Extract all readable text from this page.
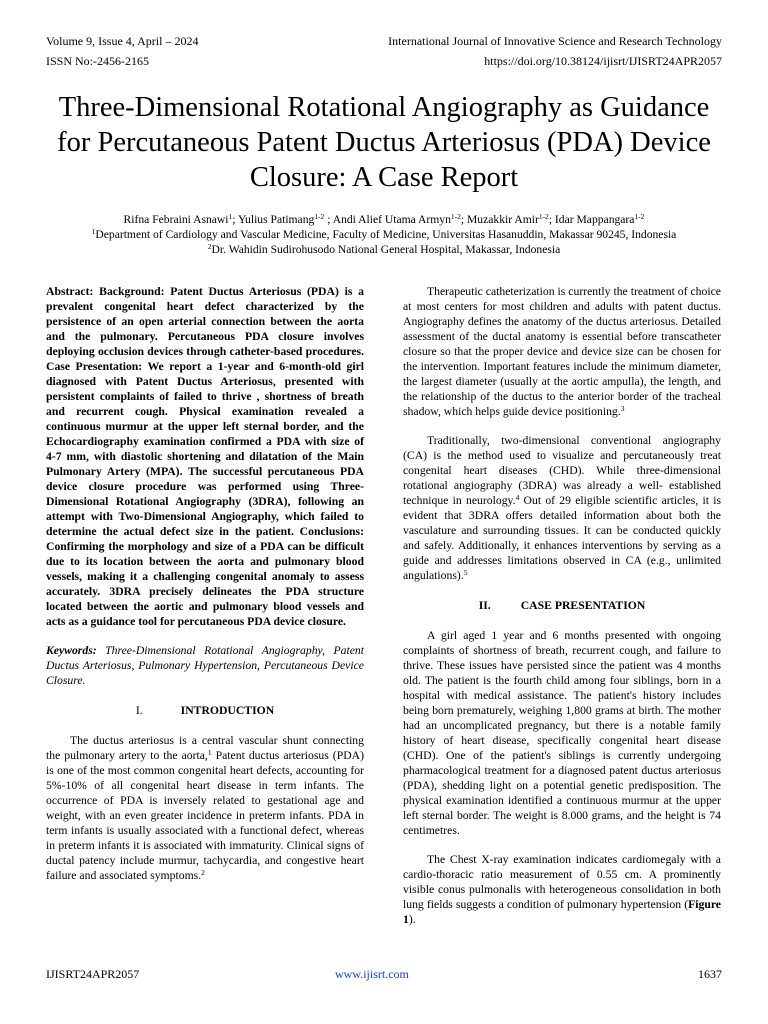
Volume 9, Issue 4, April – 2024	International Journal of Innovative Science and Research Technology
ISSN No:-2456-2165	https://doi.org/10.38124/ijisrt/IJISRT24APR2057
Three-Dimensional Rotational Angiography as Guidance for Percutaneous Patent Ductus Arteriosus (PDA) Device Closure: A Case Report

Rifna Febraini Asnawi$^1$; Yulius Patimang$^{1-2}$ ; Andi Alief Utama Armyn$^{1-2}$; Muzakkir Amir$^{1-2}$; Idar Mappangara$^{1-2}$

$^1$Department of Cardiology and Vascular Medicine, Faculty of Medicine, Universitas Hasanuddin, Makassar 90245, Indonesia

$^2$Dr. Wahidin Sudirohusodo National General Hospital, Makassar, Indonesia

Abstract: Background: Patent Ductus Arteriosus (PDA) is a prevalent congenital heart defect characterized by the persistence of an open arterial connection between the aorta and the pulmonary. Percutaneous PDA closure involves deploying occlusion devices through catheter-based procedures. Case Presentation: We report a 1-year and 6-month-old girl diagnosed with Patent Ductus Arteriosus, presented with persistent complaints of failed to thrive , shortness of breath and recurrent cough. Physical examination revealed a continuous murmur at the upper left sternal border, and the Echocardiography examination confirmed a PDA with size of 4-7 mm, with diastolic shortening and dilatation of the Main Pulmonary Artery (MPA). The successful percutaneous PDA device closure procedure was performed using Three-Dimensional Rotational Angiography (3DRA), following an attempt with Two-Dimensional Angiography, which failed to determine the actual defect size in the patient. Conclusions: Confirming the morphology and size of a PDA can be difficult due to its location between the aorta and pulmonary blood vessels, making it a challenging congenital anomaly to assess accurately. 3DRA precisely delineates the PDA structure located between the aortic and pulmonary blood vessels and acts as a guidance tool for percutaneous PDA device closure.

Keywords: Three-Dimensional Rotational Angiography, Patent Ductus Arteriosus, Pulmonary Hypertension, Percutaneous Device Closure.

I.	INTRODUCTION

The ductus arteriosus is a central vascular shunt connecting the pulmonary artery to the aorta,$^1$ Patent ductus arteriosus (PDA) is one of the most common congenital heart defects, accounting for 5%-10% of all congenital heart disease in term infants. The occurrence of PDA is inversely related to gestational age and weight, with an even greater incidence in preterm infants. PDA in term infants is usually associated with a functional defect, whereas in preterm infants it is associated with immaturity. Clinical signs of ductal patency include murmur, tachycardia, and congestive heart failure and associated symptoms.$^2$

Therapeutic catheterization is currently the treatment of choice at most centers for most children and adults with patent ductus. Angiography defines the anatomy of the ductus arteriosus. Detailed assessment of the ductal anatomy is essential before transcatheter closure so that the proper device and device size can be chosen for the intervention. Important features include the minimum diameter, the largest diameter (usually at the aortic ampulla), the length, and the relationship of the ductus to the anterior border of the tracheal shadow, which helps guide device positioning.$^3$

Traditionally, two-dimensional conventional angiography (CA) is the method used to visualize and percutaneously treat congenital heart diseases (CHD). While three-dimensional rotational angiography (3DRA) was already a well- established technique in neurology.$^4$ Out of 29 eligible scientific articles, it is evident that 3DRA offers detailed information about both the vasculature and surrounding tissues. It can be conducted quickly and safely. Additionally, it enhances interventions by serving as a guide and addresses limitations observed in CA (e.g., unlimited angulations).$^5$

II.	CASE PRESENTATION

A girl aged 1 year and 6 months presented with ongoing complaints of shortness of breath, recurrent cough, and failure to thrive. These issues have persisted since the patient was 4 months old. The patient is the fourth child among four siblings, born in a hospital with medical assistance. The patient's history includes being born prematurely, weighing 1,800 grams at birth. The mother had an uncomplicated pregnancy, but there is a notable family history of heart disease, specifically congenital heart disease (CHD). One of the patient's siblings is currently undergoing pharmacological treatment for a diagnosed patent ductus arteriosus (PDA), shedding light on a potential genetic predisposition. The physical examination identified a continuous murmur at the upper left sternal border. The weight is 8.000 grams, and the height is 74 centimetres.

The Chest X-ray examination indicates cardiomegaly with a cardio-thoracic ratio measurement of 0.55 cm. A prominently visible conus pulmonalis with heterogeneous consolidation in both lung fields suggests a condition of pulmonary hypertension (Figure 1).

IJISRT24APR2057	www.ijisrt.com	1637
